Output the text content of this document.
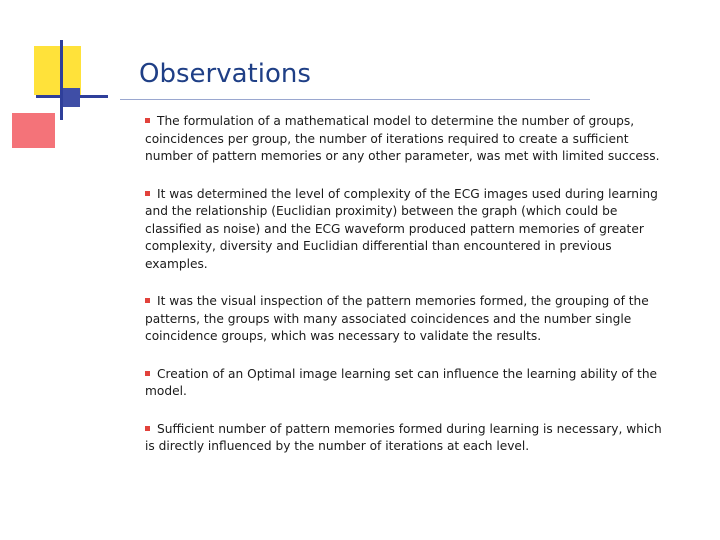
Observations
The formulation of a mathematical model to determine the number of groups, coincidences per group, the number of iterations required to create a sufficient number of pattern memories or any other parameter, was met with limited success.
It was determined the level of complexity of the ECG images used during learning and the relationship (Euclidian proximity) between the graph (which could be classified as noise) and the ECG waveform produced pattern memories of greater complexity, diversity and Euclidian differential than encountered in previous examples.
It was the visual inspection of the pattern memories formed, the grouping of the patterns, the groups with many associated coincidences and the number single coincidence groups, which was necessary to validate the results.
Creation of an Optimal image learning set can influence the learning ability of the model.
Sufficient number of pattern memories formed during learning is necessary, which is directly influenced by the number of iterations at each level.
